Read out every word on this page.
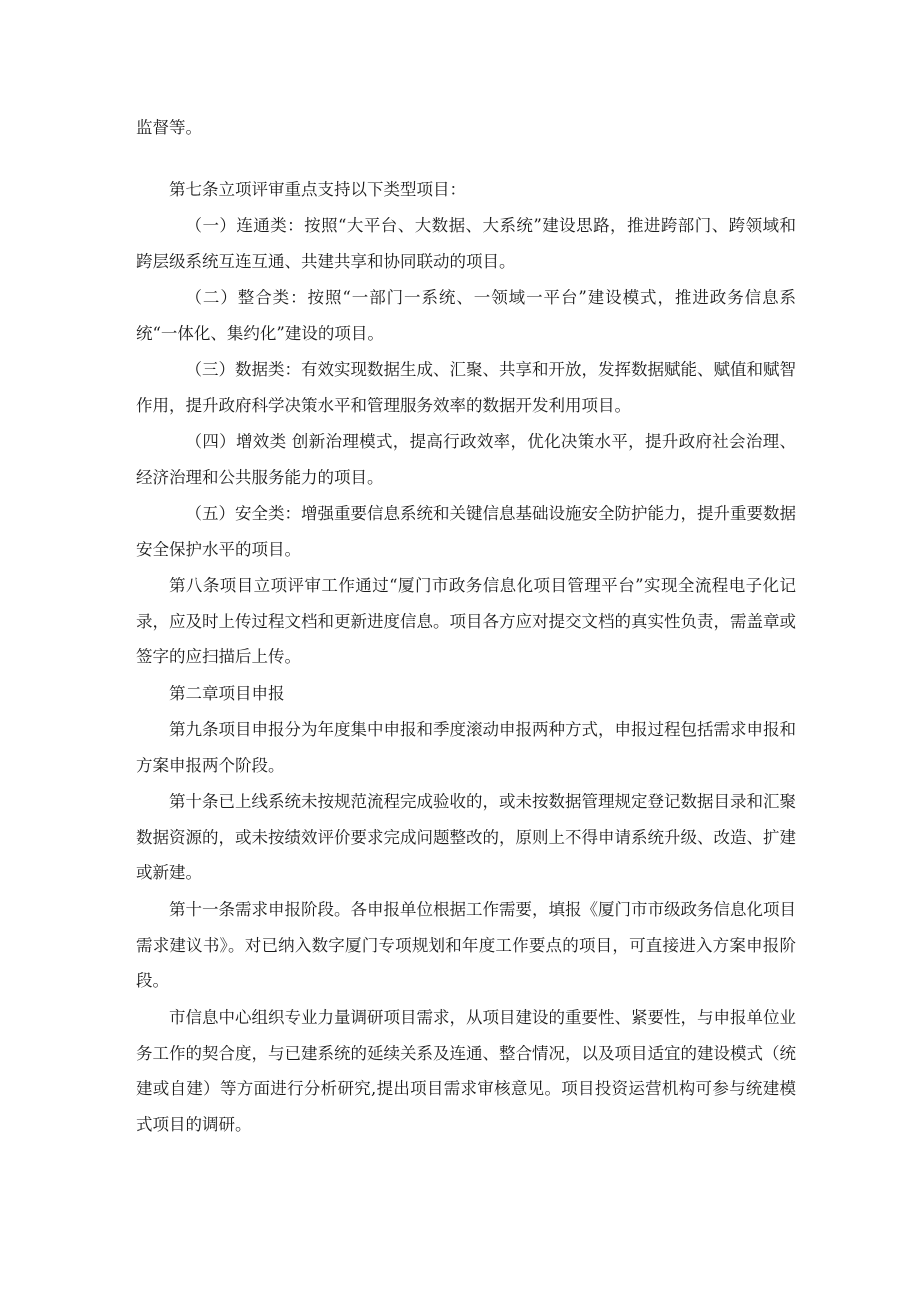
监督等。

第七条立项评审重点支持以下类型项目：

（一）连通类：按照“大平台、大数据、大系统”建设思路，推进跨部门、跨领域和跨层级系统互连互通、共建共享和协同联动的项目。

（二）整合类：按照“一部门一系统、一领域一平台”建设模式，推进政务信息系统“一体化、集约化”建设的项目。

（三）数据类：有效实现数据生成、汇聚、共享和开放，发挥数据赋能、赋值和赋智作用，提升政府科学决策水平和管理服务效率的数据开发利用项目。

（四）增效类 创新治理模式，提高行政效率，优化决策水平，提升政府社会治理、经济治理和公共服务能力的项目。

（五）安全类：增强重要信息系统和关键信息基础设施安全防护能力，提升重要数据安全保护水平的项目。

第八条项目立项评审工作通过“厦门市政务信息化项目管理平台”实现全流程电子化记录，应及时上传过程文档和更新进度信息。项目各方应对提交文档的真实性负责，需盖章或签字的应扫描后上传。

第二章项目申报

第九条项目申报分为年度集中申报和季度滚动申报两种方式，申报过程包括需求申报和方案申报两个阶段。

第十条已上线系统未按规范流程完成验收的，或未按数据管理规定登记数据目录和汇聚数据资源的，或未按绩效评价要求完成问题整改的，原则上不得申请系统升级、改造、扩建或新建。

第十一条需求申报阶段。各申报单位根据工作需要，填报《厦门市市级政务信息化项目需求建议书》。对已纳入数字厦门专项规划和年度工作要点的项目，可直接进入方案申报阶段。

市信息中心组织专业力量调研项目需求，从项目建设的重要性、紧要性，与申报单位业务工作的契合度，与已建系统的延续关系及连通、整合情况，以及项目适宜的建设模式（统建或自建）等方面进行分析研究,提出项目需求审核意见。项目投资运营机构可参与统建模式项目的调研。
